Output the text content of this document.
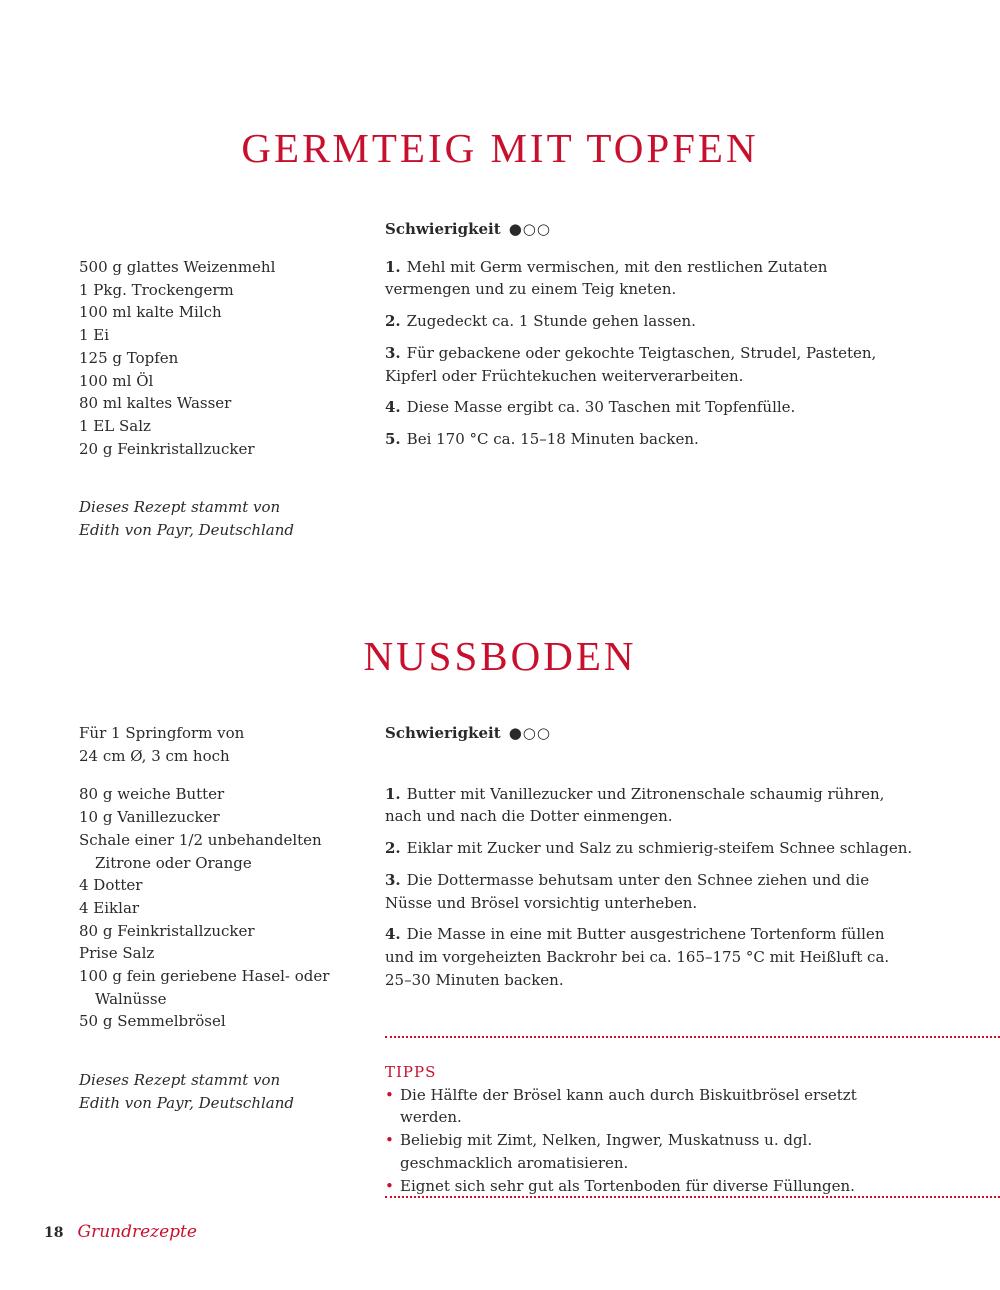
GERMTEIG MIT TOPFEN
500 g glattes Weizenmehl
1 Pkg. Trockengerm
100 ml kalte Milch
1 Ei
125 g Topfen
100 ml Öl
80 ml kaltes Wasser
1 EL Salz
20 g Feinkristallzucker
Dieses Rezept stammt von
Edith von Payr, Deutschland
Schwierigkeit ●○○
1. Mehl mit Germ vermischen, mit den restlichen Zutaten vermengen und zu einem Teig kneten.
2. Zugedeckt ca. 1 Stunde gehen lassen.
3. Für gebackene oder gekochte Teigtaschen, Strudel, Pasteten, Kipferl oder Früchtekuchen weiterverarbeiten.
4. Diese Masse ergibt ca. 30 Taschen mit Topfenfülle.
5. Bei 170 °C ca. 15–18 Minuten backen.
NUSSBODEN
Für 1 Springform von
24 cm Ø, 3 cm hoch
80 g weiche Butter
10 g Vanillezucker
Schale einer 1/2 unbehandelten Zitrone oder Orange
4 Dotter
4 Eiklar
80 g Feinkristallzucker
Prise Salz
100 g fein geriebene Hasel- oder Walnüsse
50 g Semmelbrösel
Dieses Rezept stammt von
Edith von Payr, Deutschland
Schwierigkeit ●○○
1. Butter mit Vanillezucker und Zitronenschale schaumig rühren, nach und nach die Dotter einmengen.
2. Eiklar mit Zucker und Salz zu schmierig-steifem Schnee schlagen.
3. Die Dottermasse behutsam unter den Schnee ziehen und die Nüsse und Brösel vorsichtig unterheben.
4. Die Masse in eine mit Butter ausgestrichene Tortenform füllen und im vorgeheizten Backrohr bei ca. 165–175 °C mit Heißluft ca. 25–30 Minuten backen.
TIPPS
• Die Hälfte der Brösel kann auch durch Biskuitbrösel ersetzt werden.
• Beliebig mit Zimt, Nelken, Ingwer, Muskatnuss u. dgl. geschmacklich aromatisieren.
• Eignet sich sehr gut als Tortenboden für diverse Füllungen.
18 Grundrezepte
